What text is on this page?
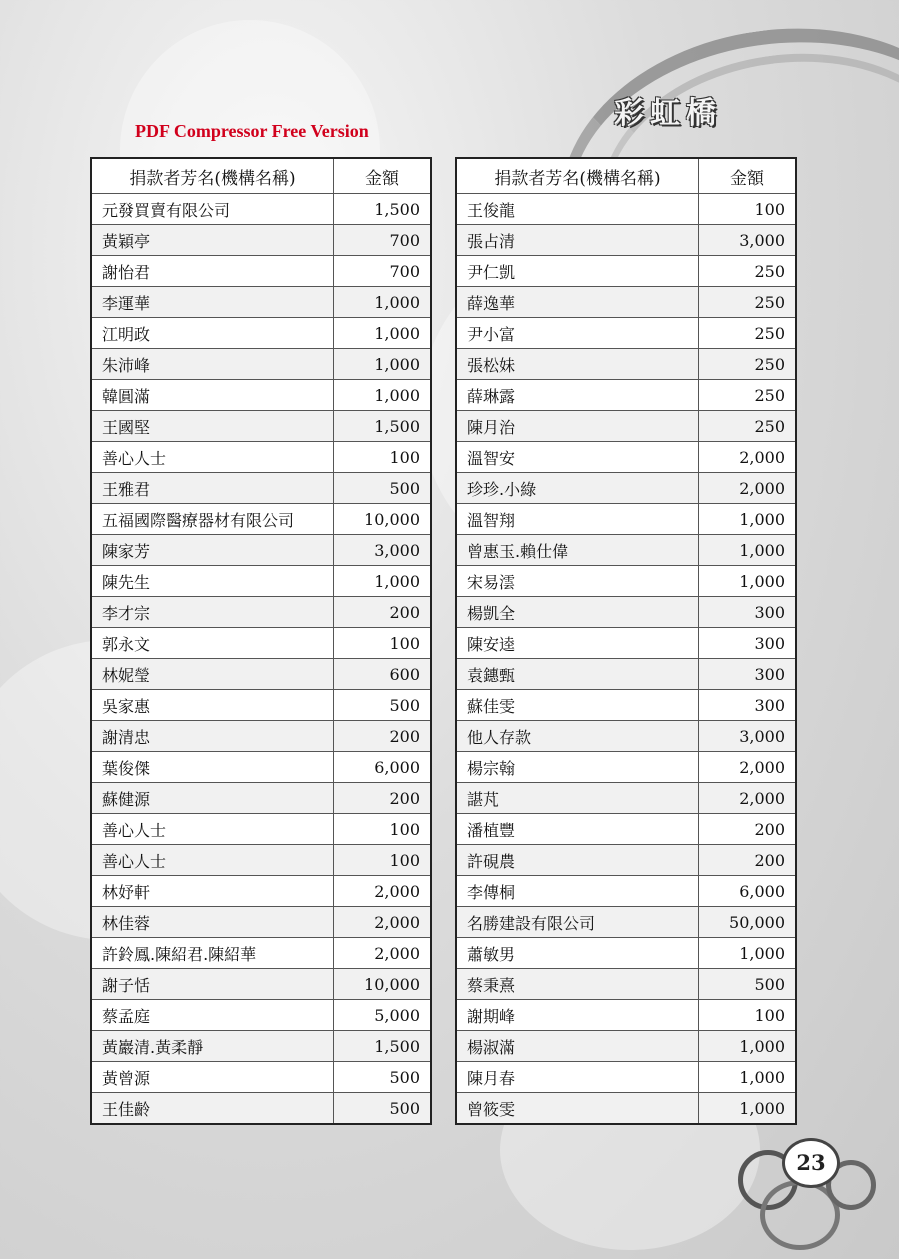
彩虹橋
PDF Compressor Free Version
捐款者芳名(機構名稱)	金額
元發買賣有限公司	1,500
黃穎亭	700
謝怡君	700
李運華	1,000
江明政	1,000
朱沛峰	1,000
韓圓滿	1,000
王國堅	1,500
善心人士	100
王雅君	500
五福國際醫療器材有限公司	10,000
陳家芳	3,000
陳先生	1,000
李才宗	200
郭永文	100
林妮瑩	600
吳家惠	500
謝清忠	200
葉俊傑	6,000
蘇健源	200
善心人士	100
善心人士	100
林妤軒	2,000
林佳蓉	2,000
許鈴鳳.陳紹君.陳紹華	2,000
謝子恬	10,000
蔡孟庭	5,000
黃巖清.黃柔靜	1,500
黃曾源	500
王佳齡	500
捐款者芳名(機構名稱)	金額
王俊龍	100
張占清	3,000
尹仁凱	250
薛逸華	250
尹小富	250
張松妹	250
薛琳露	250
陳月治	250
溫智安	2,000
珍珍.小綠	2,000
溫智翔	1,000
曾惠玉.賴仕偉	1,000
宋易澐	1,000
楊凱全	300
陳安逵	300
袁鏸甄	300
蘇佳雯	300
他人存款	3,000
楊宗翰	2,000
諶芃	2,000
潘植豐	200
許硯農	200
李傳桐	6,000
名勝建設有限公司	50,000
蕭敏男	1,000
蔡秉熹	500
謝期峰	100
楊淑滿	1,000
陳月春	1,000
曾筱雯	1,000
23
